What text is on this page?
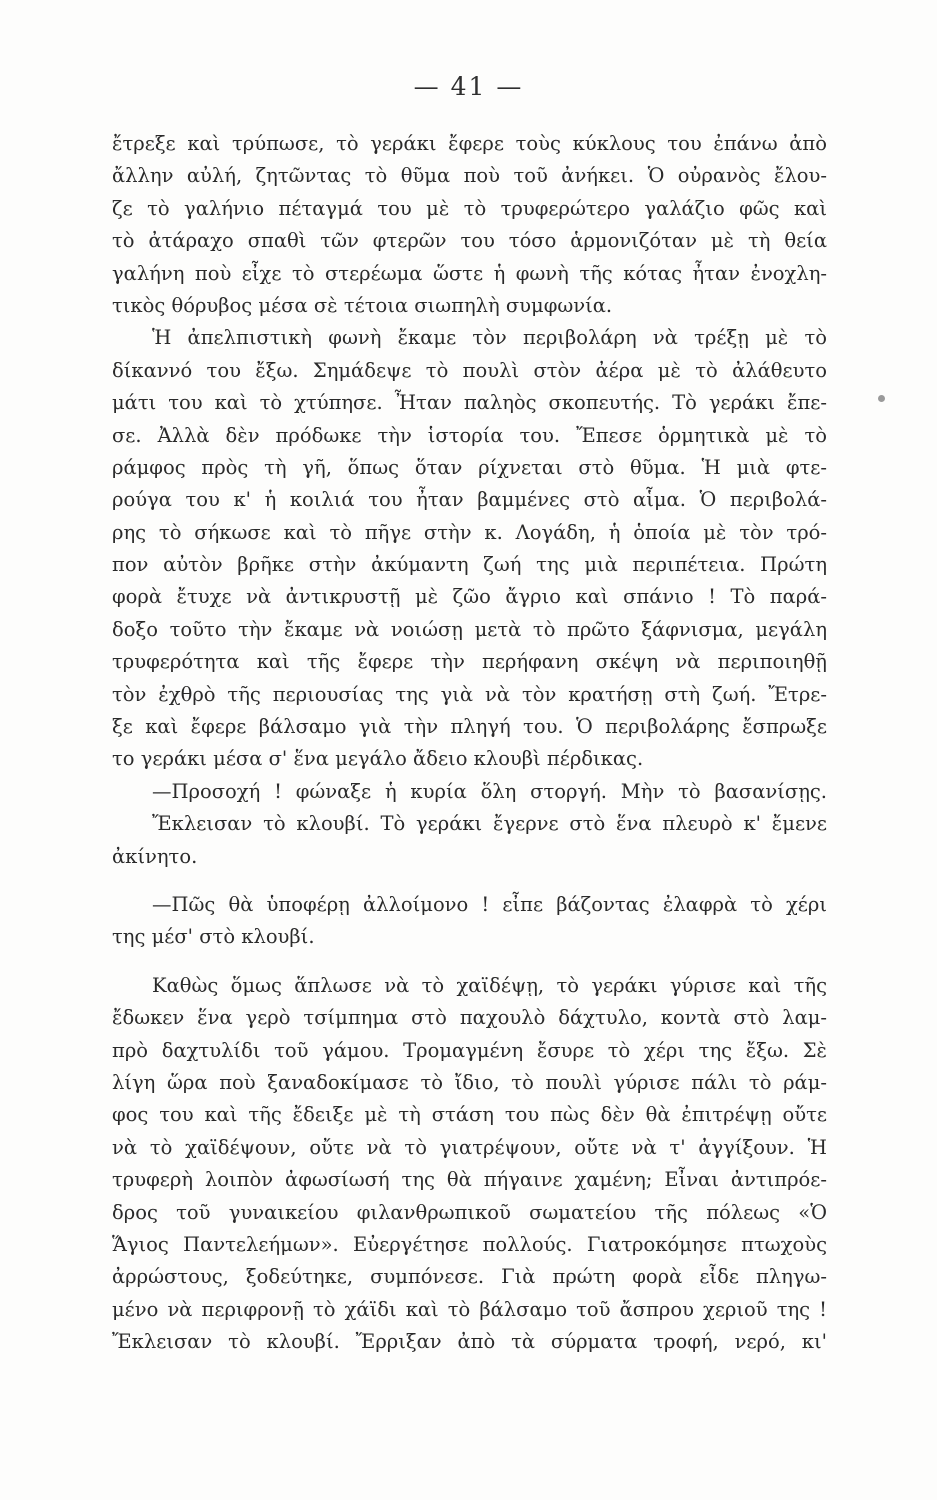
— 41 —
ἔτρεξε καὶ τρύπωσε, τὸ γεράκι ἔφερε τοὺς κύκλους του ἐπάνω ἀπὸ
ἄλλην αὐλή, ζητῶντας τὸ θῦμα ποὺ τοῦ ἀνήκει. Ὁ οὐρανὸς ἔλου-
ζε τὸ γαλήνιο πέταγμά του μὲ τὸ τρυφερώτερο γαλάζιο φῶς καὶ
τὸ ἀτάραχο σπαθὶ τῶν φτερῶν του τόσο ἁρμονιζόταν μὲ τὴ θεία
γαλήνη ποὺ εἶχε τὸ στερέωμα ὥστε ἡ φωνὴ τῆς κότας ἦταν ἐνοχλη-
τικὸς θόρυβος μέσα σὲ τέτοια σιωπηλὴ συμφωνία.
Ἡ ἀπελπιστικὴ φωνὴ ἔκαμε τὸν περιβολάρη νὰ τρέξῃ μὲ τὸ
δίκαννό του ἔξω. Σημάδεψε τὸ πουλὶ στὸν ἀέρα μὲ τὸ ἀλάθευτο
μάτι του καὶ τὸ χτύπησε. Ἦταν παληὸς σκοπευτής. Τὸ γεράκι ἔπε-
σε. Ἀλλὰ δὲν πρόδωκε τὴν ἱστορία του. Ἔπεσε ὁρμητικὰ μὲ τὸ
ράμφος πρὸς τὴ γῆ, ὅπως ὅταν ρίχνεται στὸ θῦμα. Ἡ μιὰ φτε-
ρούγα του κ' ἡ κοιλιά του ἦταν βαμμένες στὸ αἷμα. Ὁ περιβολά-
ρης τὸ σήκωσε καὶ τὸ πῆγε στὴν κ. Λογάδη, ἡ ὁποία μὲ τὸν τρό-
πον αὐτὸν βρῆκε στὴν ἀκύμαντη ζωή της μιὰ περιπέτεια. Πρώτη
φορὰ ἔτυχε νὰ ἀντικρυστῇ μὲ ζῶο ἄγριο καὶ σπάνιο ! Τὸ παρά-
δοξο τοῦτο τὴν ἔκαμε νὰ νοιώσῃ μετὰ τὸ πρῶτο ξάφνισμα, μεγάλη
τρυφερότητα καὶ τῆς ἔφερε τὴν περήφανη σκέψη νὰ περιποιηθῇ
τὸν ἐχθρὸ τῆς περιουσίας της γιὰ νὰ τὸν κρατήσῃ στὴ ζωή. Ἔτρε-
ξε καὶ ἔφερε βάλσαμο γιὰ τὴν πληγή του. Ὁ περιβολάρης ἔσπρωξε
το γεράκι μέσα σ' ἕνα μεγάλο ἄδειο κλουβὶ πέρδικας.
—Προσοχή ! φώναξε ἡ κυρία ὅλη στοργή. Μὴν τὸ βασανίσῃς.
Ἔκλεισαν τὸ κλουβί. Τὸ γεράκι ἔγερνε στὸ ἕνα πλευρὸ κ' ἔμενε
ἀκίνητο.
—Πῶς θὰ ὑποφέρῃ ἀλλοίμονο ! εἶπε βάζοντας ἐλαφρὰ τὸ χέρι
της μέσ' στὸ κλουβί.
Καθὼς ὅμως ἅπλωσε νὰ τὸ χαϊδέψῃ, τὸ γεράκι γύρισε καὶ τῆς
ἔδωκεν ἕνα γερὸ τσίμπημα στὸ παχουλὸ δάχτυλο, κοντὰ στὸ λαμ-
πρὸ δαχτυλίδι τοῦ γάμου. Τρομαγμένη ἔσυρε τὸ χέρι της ἔξω. Σὲ
λίγη ὥρα ποὺ ξαναδοκίμασε τὸ ἴδιο, τὸ πουλὶ γύρισε πάλι τὸ ράμ-
φος του καὶ τῆς ἔδειξε μὲ τὴ στάση του πὼς δὲν θὰ ἐπιτρέψῃ οὔτε
νὰ τὸ χαϊδέψουν, οὔτε νὰ τὸ γιατρέψουν, οὔτε νὰ τ' ἀγγίξουν. Ἡ
τρυφερὴ λοιπὸν ἀφωσίωσή της θὰ πήγαινε χαμένη; Εἶναι ἀντιπρόε-
δρος τοῦ γυναικείου φιλανθρωπικοῦ σωματείου τῆς πόλεως «Ὁ
Ἅγιος Παντελεήμων». Εὐεργέτησε πολλούς. Γιατροκόμησε πτωχοὺς
ἀρρώστους, ξοδεύτηκε, συμπόνεσε. Γιὰ πρώτη φορὰ εἶδε πληγω-
μένο νὰ περιφρονῇ τὸ χάϊδι καὶ τὸ βάλσαμο τοῦ ἄσπρου χεριοῦ της !
Ἔκλεισαν τὸ κλουβί. Ἔρριξαν ἀπὸ τὰ σύρματα τροφή, νερό, κι'
